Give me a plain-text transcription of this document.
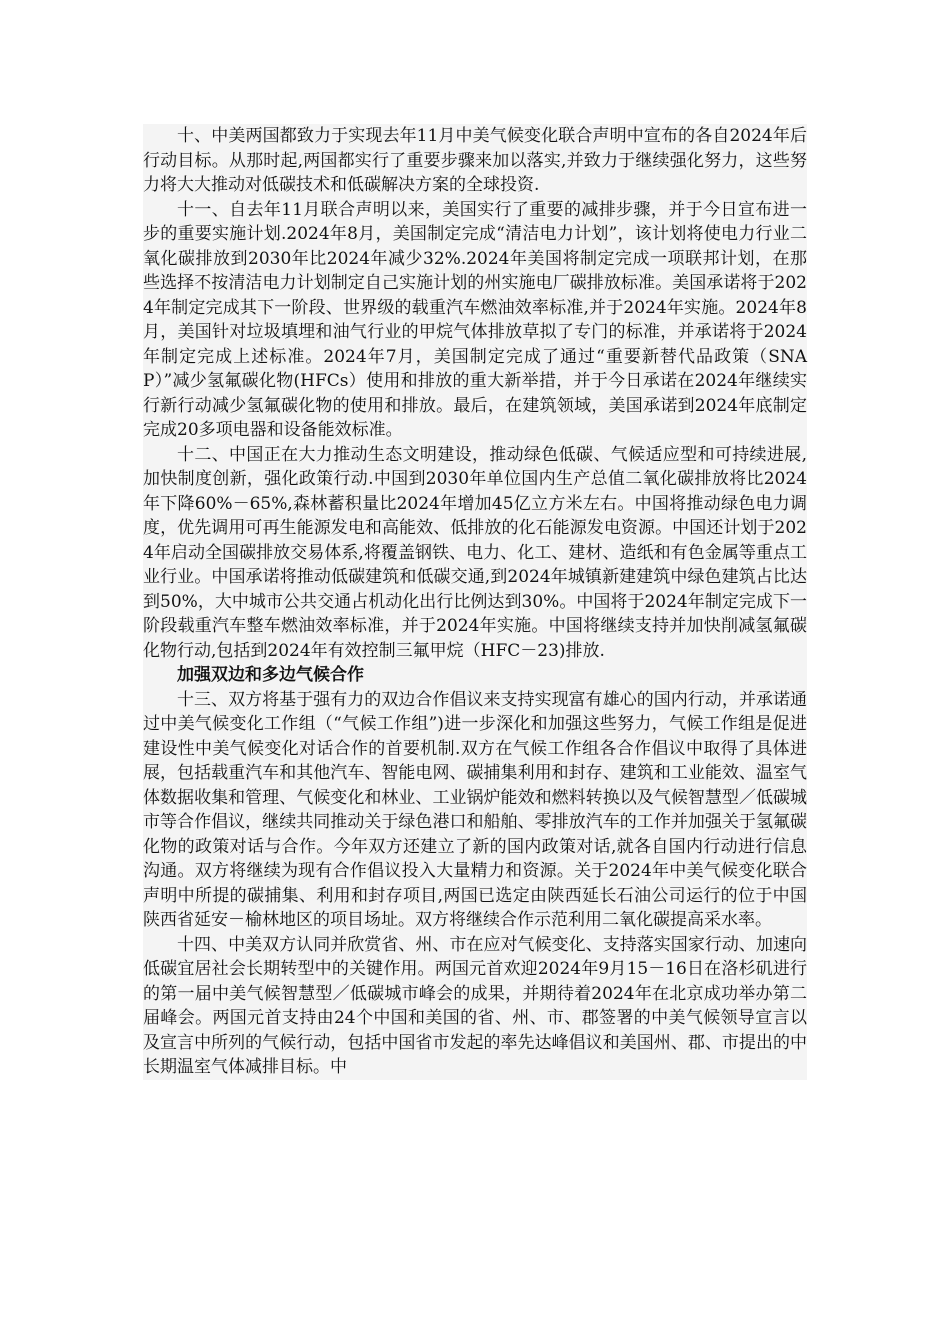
十、中美两国都致力于实现去年11月中美气候变化联合声明中宣布的各自2024年后行动目标。从那时起,两国都实行了重要步骤来加以落实,并致力于继续强化努力，这些努力将大大推动对低碳技术和低碳解决方案的全球投资.

十一、自去年11月联合声明以来，美国实行了重要的减排步骤，并于今日宣布进一步的重要实施计划.2024年8月，美国制定完成“清洁电力计划”，该计划将使电力行业二氧化碳排放到2030年比2024年减少32%.2024年美国将制定完成一项联邦计划，在那些选择不按清洁电力计划制定自己实施计划的州实施电厂碳排放标准。美国承诺将于2024年制定完成其下一阶段、世界级的载重汽车燃油效率标准,并于2024年实施。2024年8月，美国针对垃圾填埋和油气行业的甲烷气体排放草拟了专门的标准，并承诺将于2024年制定完成上述标准。2024年7月，美国制定完成了通过“重要新替代品政策（SNAP）”减少氢氟碳化物(HFCs）使用和排放的重大新举措，并于今日承诺在2024年继续实行新行动减少氢氟碳化物的使用和排放。最后，在建筑领域，美国承诺到2024年底制定完成20多项电器和设备能效标准。

十二、中国正在大力推动生态文明建设，推动绿色低碳、气候适应型和可持续进展,加快制度创新，强化政策行动.中国到2030年单位国内生产总值二氧化碳排放将比2024年下降60%－65%,森林蓄积量比2024年增加45亿立方米左右。中国将推动绿色电力调度，优先调用可再生能源发电和高能效、低排放的化石能源发电资源。中国还计划于2024年启动全国碳排放交易体系,将覆盖钢铁、电力、化工、建材、造纸和有色金属等重点工业行业。中国承诺将推动低碳建筑和低碳交通,到2024年城镇新建建筑中绿色建筑占比达到50%，大中城市公共交通占机动化出行比例达到30%。中国将于2024年制定完成下一阶段载重汽车整车燃油效率标准，并于2024年实施。中国将继续支持并加快削减氢氟碳化物行动,包括到2024年有效控制三氟甲烷（HFC－23)排放.

加强双边和多边气候合作

十三、双方将基于强有力的双边合作倡议来支持实现富有雄心的国内行动，并承诺通过中美气候变化工作组（“气候工作组”)进一步深化和加强这些努力，气候工作组是促进建设性中美气候变化对话合作的首要机制.双方在气候工作组各合作倡议中取得了具体进展，包括载重汽车和其他汽车、智能电网、碳捕集利用和封存、建筑和工业能效、温室气体数据收集和管理、气候变化和林业、工业锅炉能效和燃料转换以及气候智慧型／低碳城市等合作倡议，继续共同推动关于绿色港口和船舶、零排放汽车的工作并加强关于氢氟碳化物的政策对话与合作。今年双方还建立了新的国内政策对话,就各自国内行动进行信息沟通。双方将继续为现有合作倡议投入大量精力和资源。关于2024年中美气候变化联合声明中所提的碳捕集、利用和封存项目,两国已选定由陕西延长石油公司运行的位于中国陕西省延安－榆林地区的项目场址。双方将继续合作示范利用二氧化碳提高采水率。

十四、中美双方认同并欣赏省、州、市在应对气候变化、支持落实国家行动、加速向低碳宜居社会长期转型中的关键作用。两国元首欢迎2024年9月15－16日在洛杉矶进行的第一届中美气候智慧型／低碳城市峰会的成果，并期待着2024年在北京成功举办第二届峰会。两国元首支持由24个中国和美国的省、州、市、郡签署的中美气候领导宣言以及宣言中所列的气候行动，包括中国省市发起的率先达峰倡议和美国州、郡、市提出的中长期温室气体减排目标。中
